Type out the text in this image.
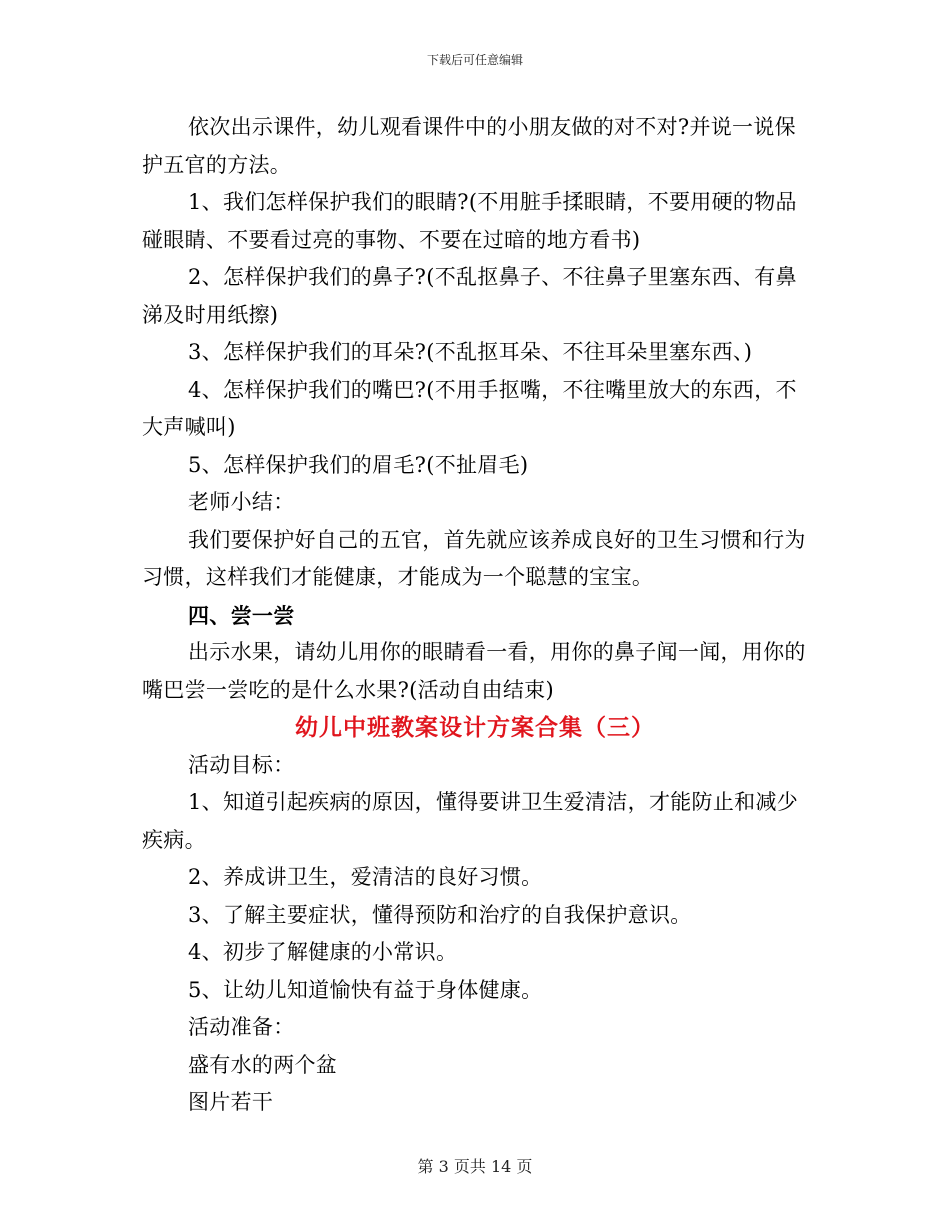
下载后可任意编辑

依次出示课件，幼儿观看课件中的小朋友做的对不对?并说一说保护五官的方法。

1、我们怎样保护我们的眼睛?(不用脏手揉眼睛，不要用硬的物品碰眼睛、不要看过亮的事物、不要在过暗的地方看书)

2、怎样保护我们的鼻子?(不乱抠鼻子、不往鼻子里塞东西、有鼻涕及时用纸擦)

3、怎样保护我们的耳朵?(不乱抠耳朵、不往耳朵里塞东西、)

4、怎样保护我们的嘴巴?(不用手抠嘴，不往嘴里放大的东西，不大声喊叫)

5、怎样保护我们的眉毛?(不扯眉毛)

老师小结：

我们要保护好自己的五官，首先就应该养成良好的卫生习惯和行为习惯，这样我们才能健康，才能成为一个聪慧的宝宝。

四、尝一尝

出示水果，请幼儿用你的眼睛看一看，用你的鼻子闻一闻，用你的嘴巴尝一尝吃的是什么水果?(活动自由结束)

幼儿中班教案设计方案合集（三）

活动目标：

1、知道引起疾病的原因，懂得要讲卫生爱清洁，才能防止和减少疾病。

2、养成讲卫生，爱清洁的良好习惯。

3、了解主要症状，懂得预防和治疗的自我保护意识。

4、初步了解健康的小常识。

5、让幼儿知道愉快有益于身体健康。

活动准备：

盛有水的两个盆

图片若干

第 3 页共 14 页
